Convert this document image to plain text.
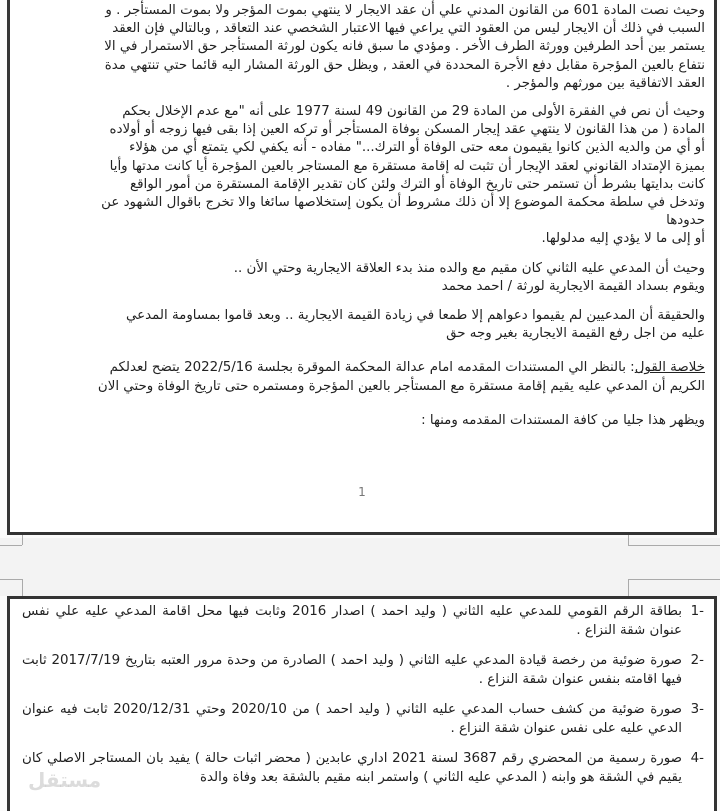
وحيث نصت المادة 601 من القانون المدني علي أن عقد الايجار لا ينتهي بموت المؤجر ولا بموت المستأجر . و
السبب في ذلك أن الايجار ليس من العقود التي يراعي فيها الاعتبار الشخصي عند التعاقد , وبالتالي فإن العقد
يستمر بين أحد الطرفين وورثة الطرف الأخر . ومؤدي ما سبق فانه يكون لورثة المستأجر حق الاستمرار في الا
نتفاع بالعين المؤجرة مقابل دفع الأجرة المحددة في العقد , ويظل حق الورثة المشار اليه قائما حتي تنتهي مدة
العقد الاتفاقية بين مورثهم والمؤجر .

وحيث أن نص في الفقرة الأولى من المادة 29 من القانون 49 لسنة 1977 على أنه "مع عدم الإخلال بحكم
المادة ( من هذا القانون لا ينتهي عقد إيجار المسكن بوفاة المستأجر أو تركه العين إذا بقى فيها زوجه أو أولاده
أو أي من والديه الذين كانوا يقيمون معه حتى الوفاة أو الترك..." مفاده - أنه يكفي لكي يتمتع أي من هؤلاء
بميزة الإمتداد القانوني لعقد الإيجار أن تثبت له إقامة مستقرة مع المستاجر بالعين المؤجرة أيا كانت مدتها وأيا
كانت بدايتها بشرط أن تستمر حتى تاريخ الوفاة أو الترك ولئن كان تقدير الإقامة المستقرة من أمور الواقع
وتدخل في سلطة محكمة الموضوع إلا أن ذلك مشروط أن يكون إستخلاصها سائغا والا تخرج باقوال الشهود عن
حدودها
أو إلى ما لا يؤدي إليه مدلولها.

وحيث أن المدعي عليه الثاني كان مقيم مع والده منذ بدء العلاقة الايجارية وحتي الأن ..
ويقوم بسداد القيمة الايجارية لورثة / احمد محمد

والحقيقة أن المدعيين لم يقيموا دعواهم إلا طمعا في زيادة القيمة الايجارية .. وبعد قاموا بمساومة المدعي
عليه من اجل رفع القيمة الايجارية بغير وجه حق

خلاصة القول: بالنظر الي المستندات المقدمه امام عدالة المحكمة الموقرة بجلسة 2022/5/16 يتضح لعدلكم
الكريم أن المدعي عليه يقيم إقامة مستقرة مع المستأجر بالعين المؤجرة ومستمره حتى تاريخ الوفاة وحتي الان

ويظهر هذا جليا من كافة المستندات المقدمه ومنها :

1
-1
بطاقة الرقم القومي للمدعي عليه الثاني ( وليد احمد ) اصدار 2016 وثابت فيها محل اقامة المدعي عليه علي نفس عنوان شقة النزاع .
-2
صورة ضوئية من رخصة قيادة المدعي عليه الثاني ( وليد احمد ) الصادرة من وحدة مرور العتبه بتاريخ 2017/7/19 ثابت فيها اقامته بنفس عنوان شقة النزاع .
-3
صورة ضوئية من كشف حساب المدعي عليه الثاني ( وليد احمد ) من 2020/10 وحتي 2020/12/31 ثابت فيه عنوان الدعي عليه على نفس عنوان شقة النزاع .
-4
صورة رسمية من المحضري رقم 3687 لسنة 2021 اداري عابدين ( محضر اثبات حالة ) يفيد بان المستاجر الاصلي كان يقيم في الشقة هو وابنه ( المدعي عليه الثاني ) واستمر ابنه مقيم بالشقة بعد وفاة والدة
مستقل
